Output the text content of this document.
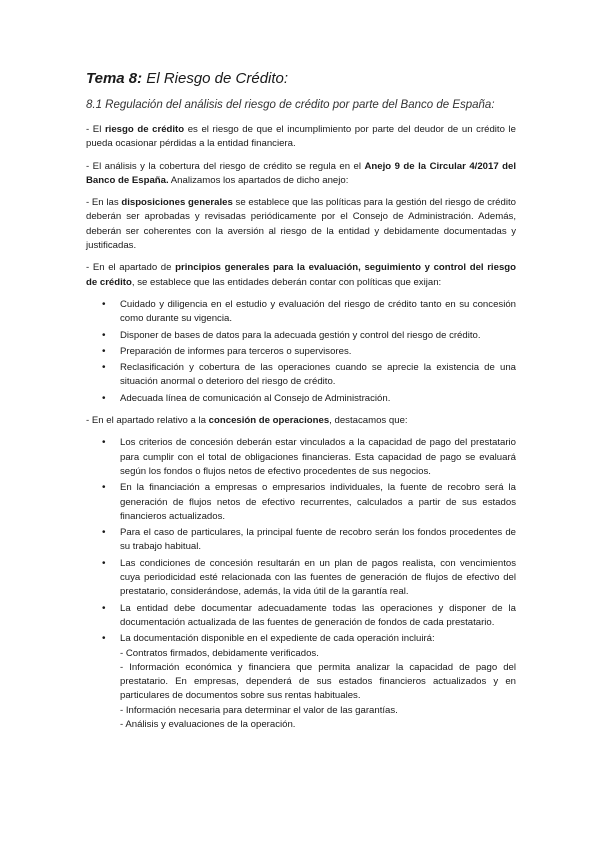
Tema 8: El Riesgo de Crédito:
8.1 Regulación del análisis del riesgo de crédito por parte del Banco de España:

- El riesgo de crédito es el riesgo de que el incumplimiento por parte del deudor de un crédito le pueda ocasionar pérdidas a la entidad financiera.

- El análisis y la cobertura del riesgo de crédito se regula en el Anejo 9 de la Circular 4/2017 del Banco de España. Analizamos los apartados de dicho anejo:

- En las disposiciones generales se establece que las políticas para la gestión del riesgo de crédito deberán ser aprobadas y revisadas periódicamente por el Consejo de Administración. Además, deberán ser coherentes con la aversión al riesgo de la entidad y debidamente documentadas y justificadas.

- En el apartado de principios generales para la evaluación, seguimiento y control del riesgo de crédito, se establece que las entidades deberán contar con políticas que exijan:

• Cuidado y diligencia en el estudio y evaluación del riesgo de crédito tanto en su concesión como durante su vigencia.
• Disponer de bases de datos para la adecuada gestión y control del riesgo de crédito.
• Preparación de informes para terceros o supervisores.
• Reclasificación y cobertura de las operaciones cuando se aprecie la existencia de una situación anormal o deterioro del riesgo de crédito.
• Adecuada línea de comunicación al Consejo de Administración.

- En el apartado relativo a la concesión de operaciones, destacamos que:

• Los criterios de concesión deberán estar vinculados a la capacidad de pago del prestatario para cumplir con el total de obligaciones financieras. Esta capacidad de pago se evaluará según los fondos o flujos netos de efectivo procedentes de sus negocios.
• En la financiación a empresas o empresarios individuales, la fuente de recobro será la generación de flujos netos de efectivo recurrentes, calculados a partir de sus estados financieros actualizados.
• Para el caso de particulares, la principal fuente de recobro serán los fondos procedentes de su trabajo habitual.
• Las condiciones de concesión resultarán en un plan de pagos realista, con vencimientos cuya periodicidad esté relacionada con las fuentes de generación de flujos de efectivo del prestatario, considerándose, además, la vida útil de la garantía real.
• La entidad debe documentar adecuadamente todas las operaciones y disponer de la documentación actualizada de las fuentes de generación de fondos de cada prestatario.
• La documentación disponible en el expediente de cada operación incluirá:
- Contratos firmados, debidamente verificados.
- Información económica y financiera que permita analizar la capacidad de pago del prestatario. En empresas, dependerá de sus estados financieros actualizados y en particulares de documentos sobre sus rentas habituales.
- Información necesaria para determinar el valor de las garantías.
- Análisis y evaluaciones de la operación.
